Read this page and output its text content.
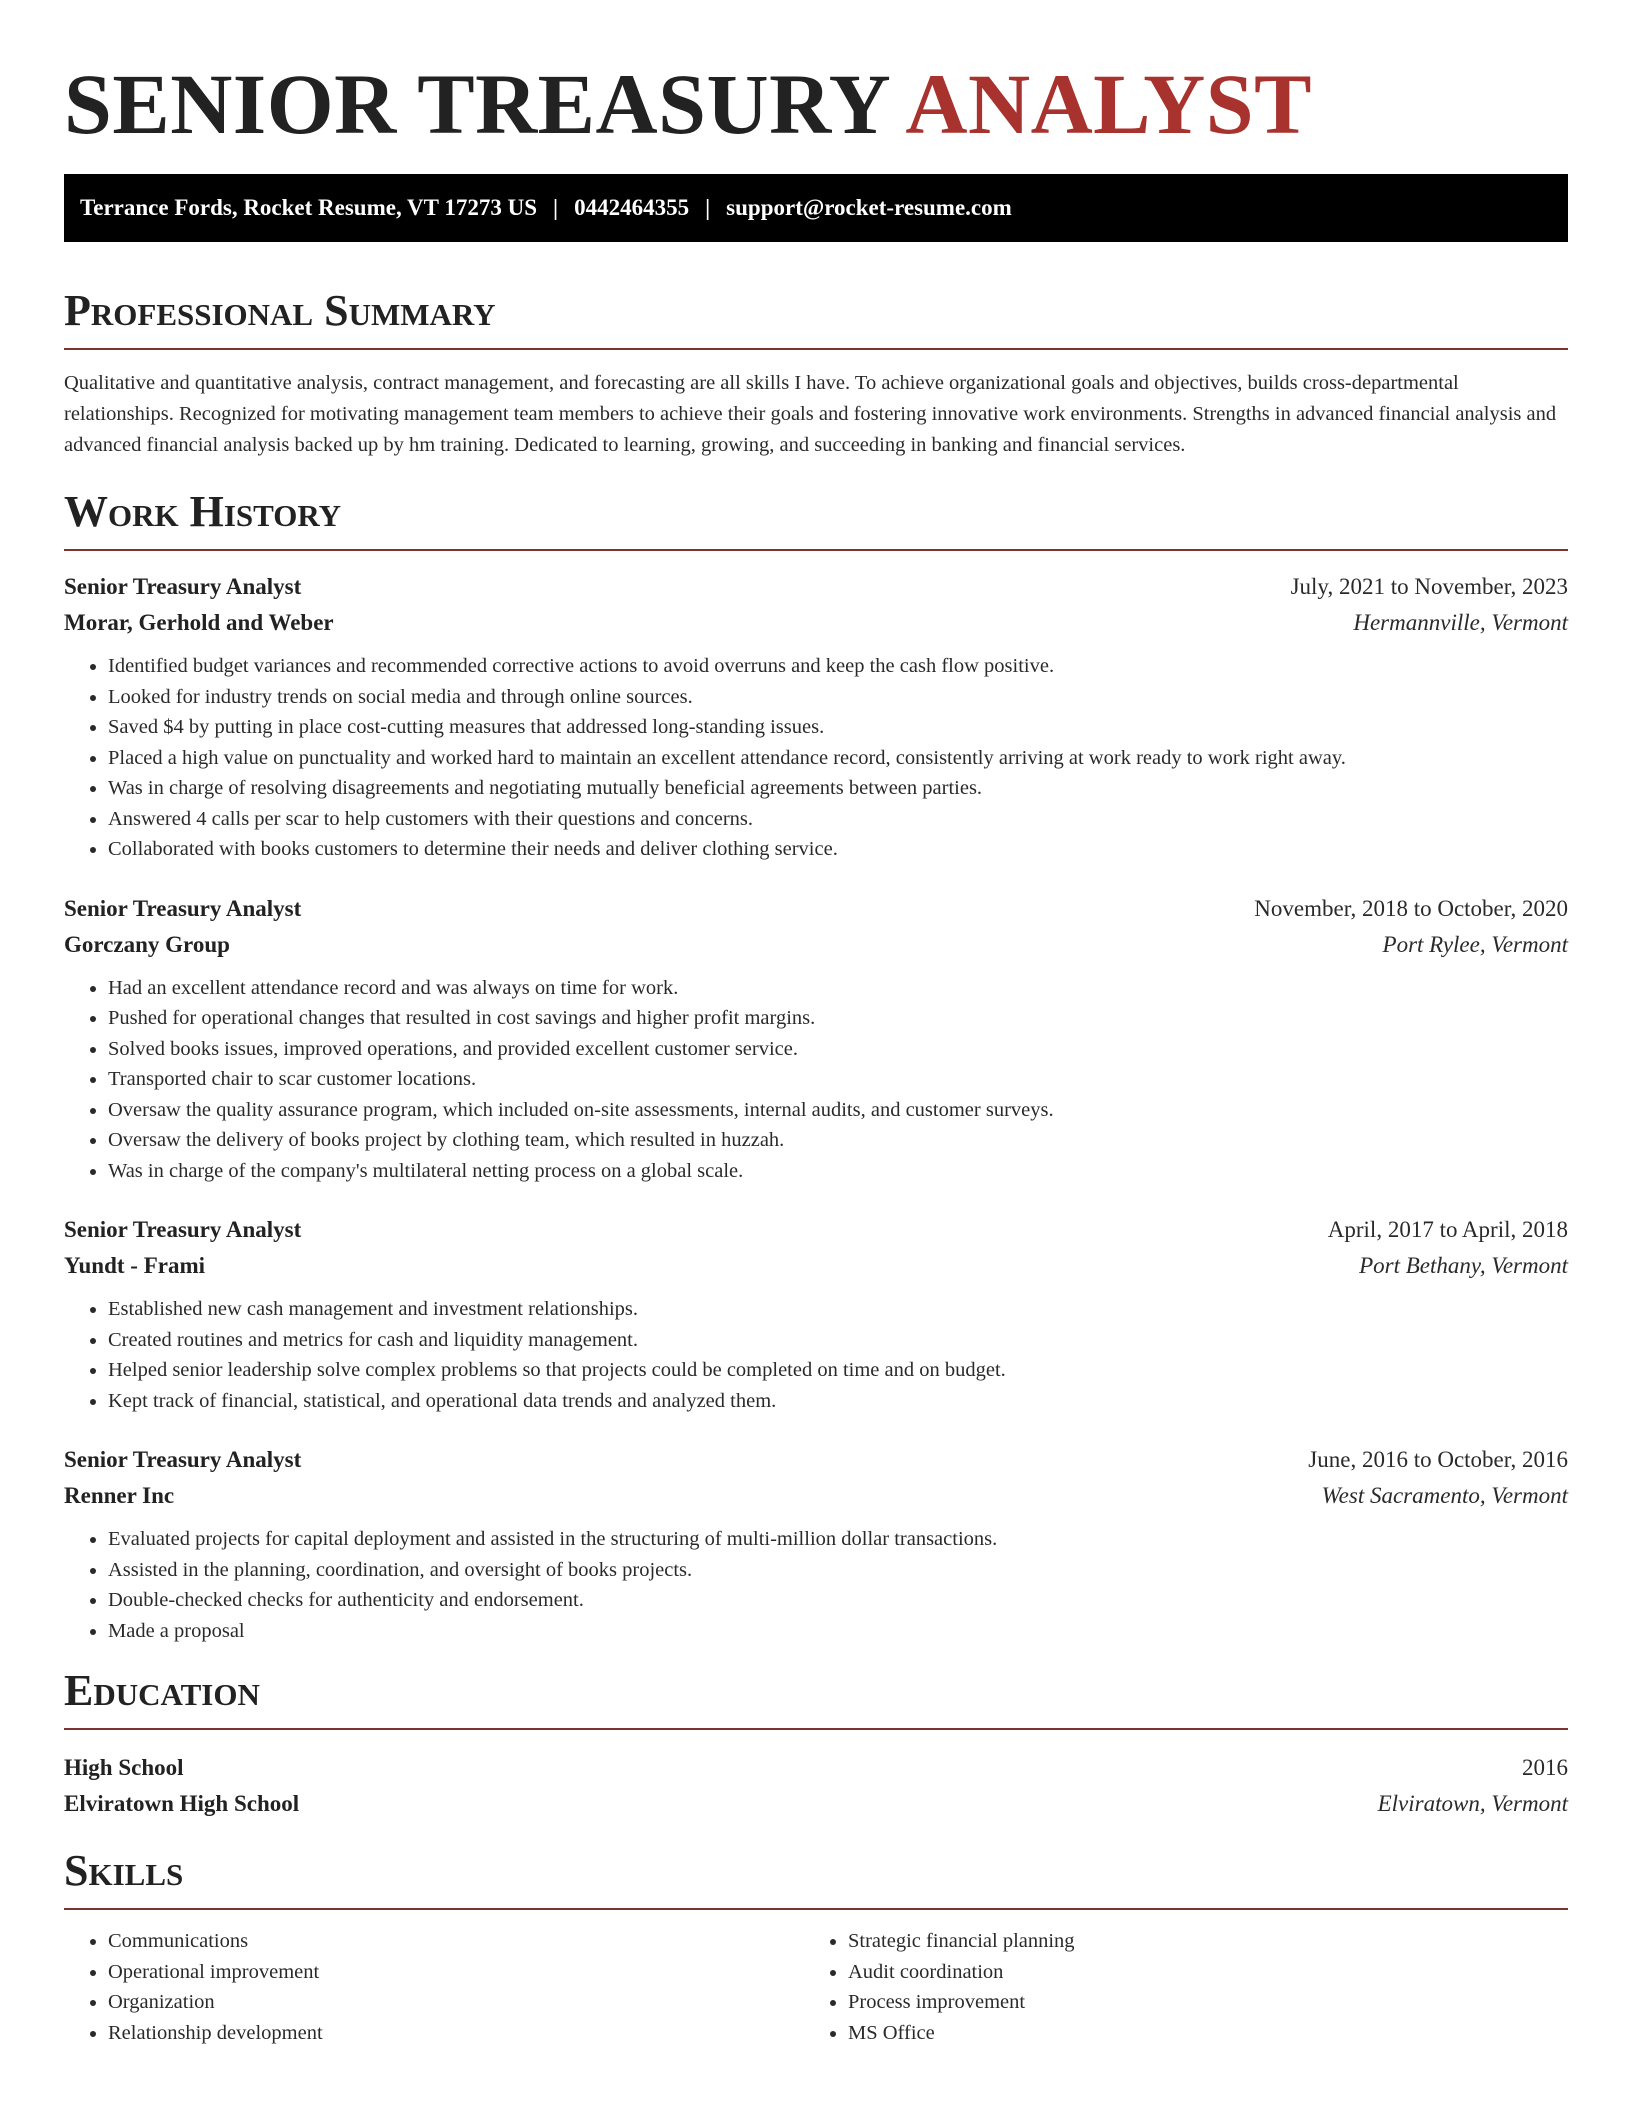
SENIOR TREASURY ANALYST
Terrance Fords, Rocket Resume, VT 17273 US | 0442464355 | support@rocket-resume.com
Professional Summary

Qualitative and quantitative analysis, contract management, and forecasting are all skills I have. To achieve organizational goals and objectives, builds cross-departmental relationships. Recognized for motivating management team members to achieve their goals and fostering innovative work environments. Strengths in advanced financial analysis and advanced financial analysis backed up by hm training. Dedicated to learning, growing, and succeeding in banking and financial services.

Work History
Senior Treasury Analyst	July, 2021 to November, 2023
Morar, Gerhold and Weber	Hermannville, Vermont
• Identified budget variances and recommended corrective actions to avoid overruns and keep the cash flow positive.
• Looked for industry trends on social media and through online sources.
• Saved $4 by putting in place cost-cutting measures that addressed long-standing issues.
• Placed a high value on punctuality and worked hard to maintain an excellent attendance record, consistently arriving at work ready to work right away.
• Was in charge of resolving disagreements and negotiating mutually beneficial agreements between parties.
• Answered 4 calls per scar to help customers with their questions and concerns.
• Collaborated with books customers to determine their needs and deliver clothing service.
Senior Treasury Analyst	November, 2018 to October, 2020
Gorczany Group	Port Rylee, Vermont
• Had an excellent attendance record and was always on time for work.
• Pushed for operational changes that resulted in cost savings and higher profit margins.
• Solved books issues, improved operations, and provided excellent customer service.
• Transported chair to scar customer locations.
• Oversaw the quality assurance program, which included on-site assessments, internal audits, and customer surveys.
• Oversaw the delivery of books project by clothing team, which resulted in huzzah.
• Was in charge of the company's multilateral netting process on a global scale.
Senior Treasury Analyst	April, 2017 to April, 2018
Yundt - Frami	Port Bethany, Vermont
• Established new cash management and investment relationships.
• Created routines and metrics for cash and liquidity management.
• Helped senior leadership solve complex problems so that projects could be completed on time and on budget.
• Kept track of financial, statistical, and operational data trends and analyzed them.
Senior Treasury Analyst	June, 2016 to October, 2016
Renner Inc	West Sacramento, Vermont
• Evaluated projects for capital deployment and assisted in the structuring of multi-million dollar transactions.
• Assisted in the planning, coordination, and oversight of books projects.
• Double-checked checks for authenticity and endorsement.
• Made a proposal
Education
High School	2016
Elviratown High School	Elviratown, Vermont
Skills
• Communications
• Operational improvement
• Organization
• Relationship development
• Strategic financial planning
• Audit coordination
• Process improvement
• MS Office
